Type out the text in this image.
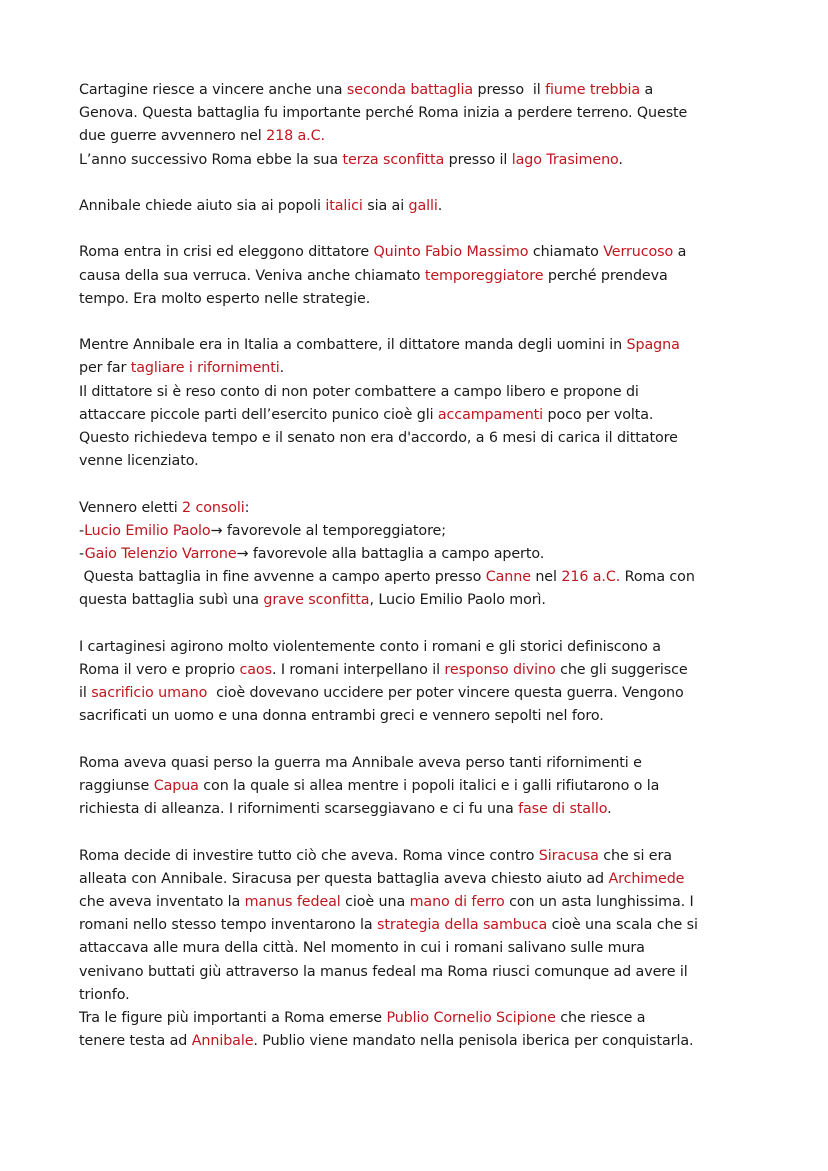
Cartagine riesce a vincere anche una seconda battaglia presso  il fiume trebbia a
Genova. Questa battaglia fu importante perché Roma inizia a perdere terreno. Queste
due guerre avvennero nel 218 a.C.

L’anno successivo Roma ebbe la sua terza sconfitta presso il lago Trasimeno.

Annibale chiede aiuto sia ai popoli italici sia ai galli.

Roma entra in crisi ed eleggono dittatore Quinto Fabio Massimo chiamato Verrucoso a
causa della sua verruca. Veniva anche chiamato temporeggiatore perché prendeva
tempo. Era molto esperto nelle strategie.

Mentre Annibale era in Italia a combattere, il dittatore manda degli uomini in Spagna
per far tagliare i rifornimenti.

Il dittatore si è reso conto di non poter combattere a campo libero e propone di
attaccare piccole parti dell’esercito punico cioè gli accampamenti poco per volta.
Questo richiedeva tempo e il senato non era d'accordo, a 6 mesi di carica il dittatore
venne licenziato.

Vennero eletti 2 consoli:
-Lucio Emilio Paolo→ favorevole al temporeggiatore;
-Gaio Telenzio Varrone→ favorevole alla battaglia a campo aperto.
Questa battaglia in fine avvenne a campo aperto presso Canne nel 216 a.C. Roma con
questa battaglia subì una grave sconfitta, Lucio Emilio Paolo morì.

I cartaginesi agirono molto violentemente conto i romani e gli storici definiscono a
Roma il vero e proprio caos. I romani interpellano il responso divino che gli suggerisce
il sacrificio umano  cioè dovevano uccidere per poter vincere questa guerra. Vengono
sacrificati un uomo e una donna entrambi greci e vennero sepolti nel foro.

Roma aveva quasi perso la guerra ma Annibale aveva perso tanti rifornimenti e
raggiunse Capua con la quale si allea mentre i popoli italici e i galli rifiutarono o la
richiesta di alleanza. I rifornimenti scarseggiavano e ci fu una fase di stallo.

Roma decide di investire tutto ciò che aveva. Roma vince contro Siracusa che si era
alleata con Annibale. Siracusa per questa battaglia aveva chiesto aiuto ad Archimede
che aveva inventato la manus fedeal cioè una mano di ferro con un asta lunghissima. I
romani nello stesso tempo inventarono la strategia della sambuca cioè una scala che si
attaccava alle mura della città. Nel momento in cui i romani salivano sulle mura
venivano buttati giù attraverso la manus fedeal ma Roma riusci comunque ad avere il
trionfo.

Tra le figure più importanti a Roma emerse Publio Cornelio Scipione che riesce a
tenere testa ad Annibale. Publio viene mandato nella penisola iberica per conquistarla.
